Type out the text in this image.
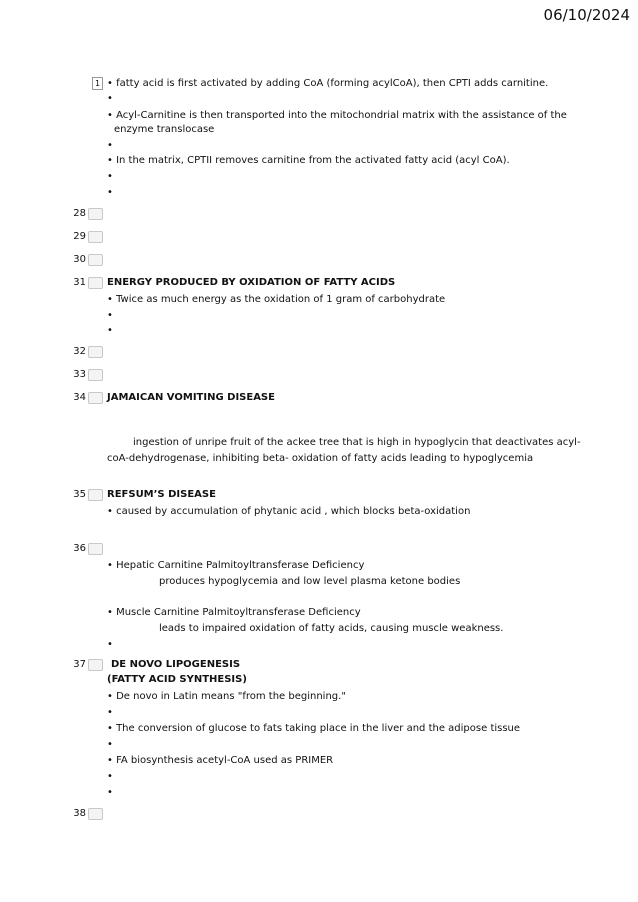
06/10/2024
1 • fatty acid is first activated by adding CoA (forming acylCoA), then CPTI adds carnitine.
•
• Acyl-Carnitine is then transported into the mitochondrial matrix with the assistance of the
enzyme translocase
•
• In the matrix, CPTII removes carnitine from the activated fatty acid (acyl CoA).
•
•
28
29
30
31 ENERGY PRODUCED BY OXIDATION OF FATTY ACIDS
• Twice as much energy as the oxidation of 1 gram of carbohydrate
•
•
32
33
34 JAMAICAN VOMITING DISEASE
ingestion of unripe fruit of the ackee tree that is high in hypoglycin that deactivates acyl-
coA-dehydrogenase, inhibiting beta- oxidation of fatty acids leading to hypoglycemia
35 REFSUM’S DISEASE
• caused by accumulation of phytanic acid , which blocks beta-oxidation
36
• Hepatic Carnitine Palmitoyltransferase Deficiency
produces hypoglycemia and low level plasma ketone bodies
• Muscle Carnitine Palmitoyltransferase Deficiency
leads to impaired oxidation of fatty acids, causing muscle weakness.
•
37	DE NOVO LIPOGENESIS
(FATTY ACID SYNTHESIS)
• De novo in Latin means "from the beginning."
•
• The conversion of glucose to fats taking place in the liver and the adipose tissue
•
• FA biosynthesis acetyl-CoA used as PRIMER
•
•
38
